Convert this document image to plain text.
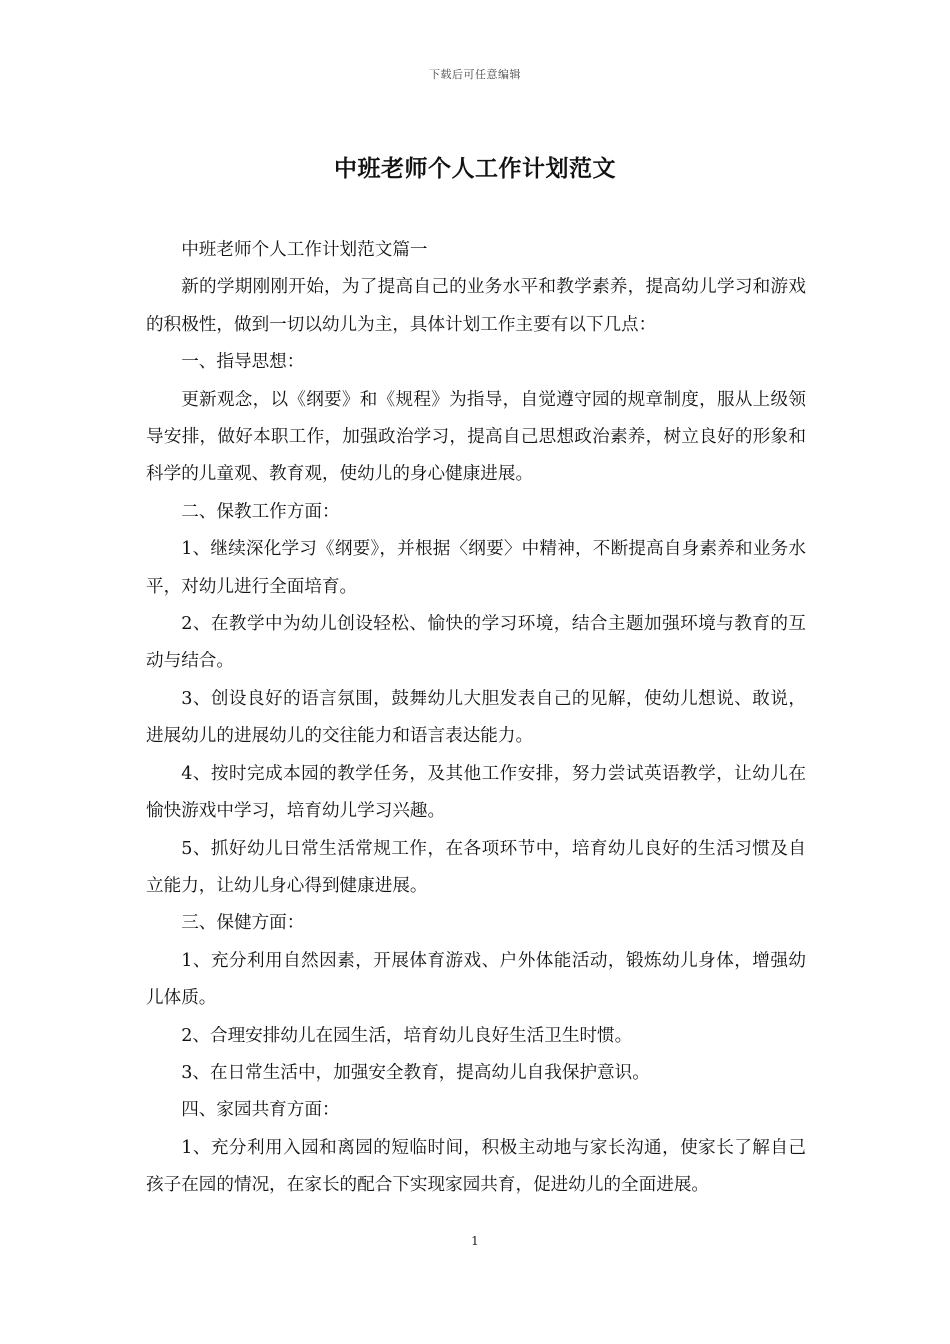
下载后可任意编辑
中班老师个人工作计划范文

中班老师个人工作计划范文篇一

新的学期刚刚开始，为了提高自己的业务水平和教学素养，提高幼儿学习和游戏的积极性，做到一切以幼儿为主，具体计划工作主要有以下几点：

一、指导思想：

更新观念，以《纲要》和《规程》为指导，自觉遵守园的规章制度，服从上级领导安排，做好本职工作，加强政治学习，提高自己思想政治素养，树立良好的形象和科学的儿童观、教育观，使幼儿的身心健康进展。

二、保教工作方面：

1、继续深化学习《纲要》，并根据〈纲要〉中精神，不断提高自身素养和业务水平，对幼儿进行全面培育。

2、在教学中为幼儿创设轻松、愉快的学习环境，结合主题加强环境与教育的互动与结合。

3、创设良好的语言氛围，鼓舞幼儿大胆发表自己的见解，使幼儿想说、敢说，进展幼儿的进展幼儿的交往能力和语言表达能力。

4、按时完成本园的教学任务，及其他工作安排，努力尝试英语教学，让幼儿在愉快游戏中学习，培育幼儿学习兴趣。

5、抓好幼儿日常生活常规工作，在各项环节中，培育幼儿良好的生活习惯及自立能力，让幼儿身心得到健康进展。

三、保健方面：

1、充分利用自然因素，开展体育游戏、户外体能活动，锻炼幼儿身体，增强幼儿体质。

2、合理安排幼儿在园生活，培育幼儿良好生活卫生时惯。

3、在日常生活中，加强安全教育，提高幼儿自我保护意识。

四、家园共育方面：

1、充分利用入园和离园的短临时间，积极主动地与家长沟通，使家长了解自己孩子在园的情况，在家长的配合下实现家园共育，促进幼儿的全面进展。

1
